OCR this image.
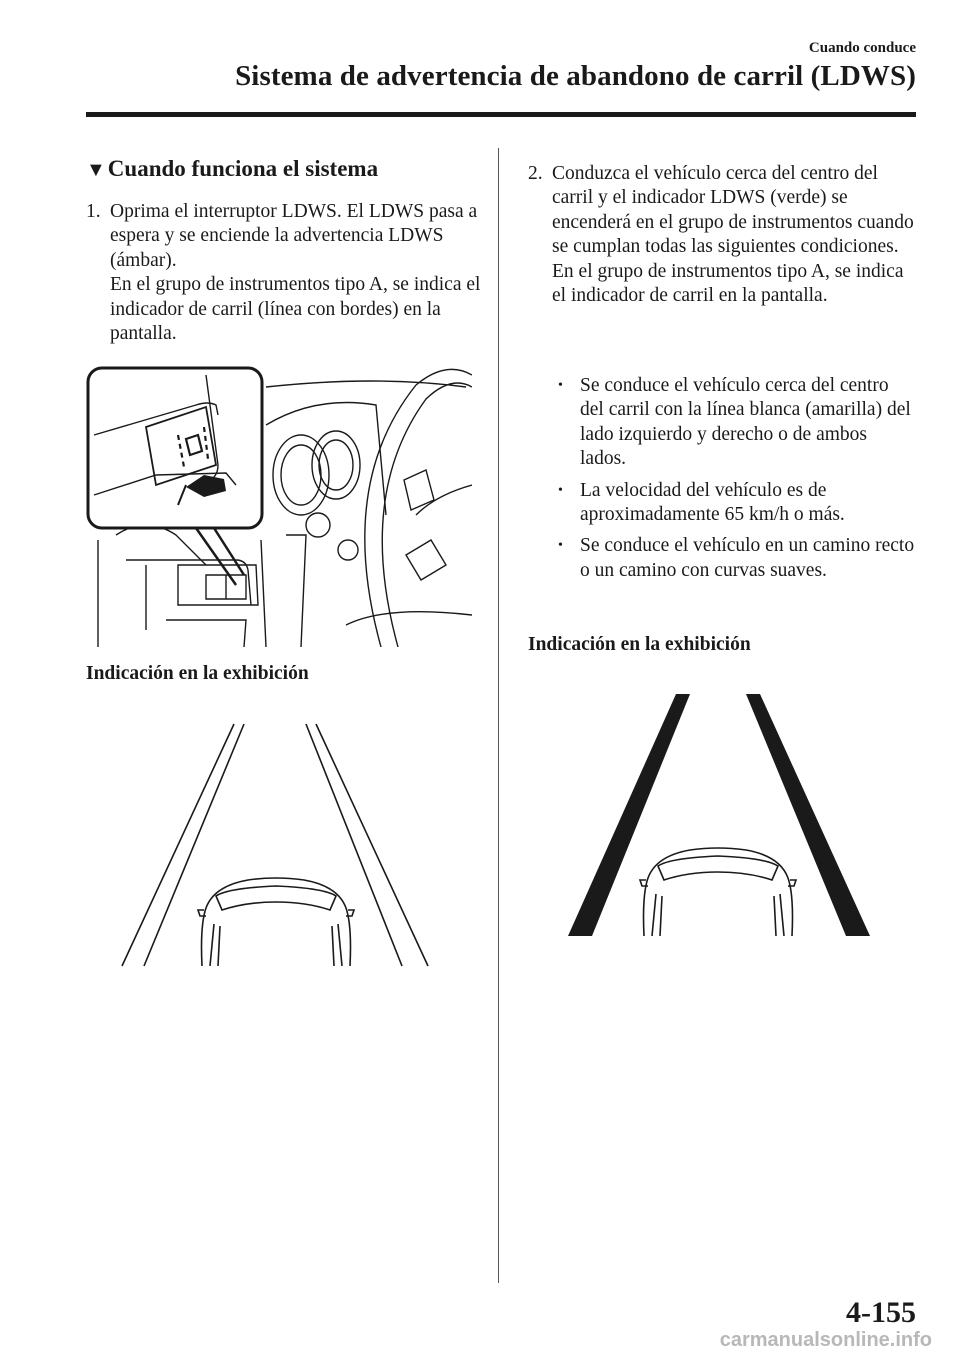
Cuando conduce
Sistema de advertencia de abandono de carril (LDWS)
▼Cuando funciona el sistema
1. Oprima el interruptor LDWS. El LDWS pasa a espera y se enciende la advertencia LDWS (ámbar).
En el grupo de instrumentos tipo A, se indica el indicador de carril (línea con bordes) en la pantalla.
Indicación en la exhibición
2. Conduzca el vehículo cerca del centro del carril y el indicador LDWS (verde) se encenderá en el grupo de instrumentos cuando se cumplan todas las siguientes condiciones.
En el grupo de instrumentos tipo A, se indica el indicador de carril en la pantalla.
• Se conduce el vehículo cerca del centro del carril con la línea blanca (amarilla) del lado izquierdo y derecho o de ambos lados.
• La velocidad del vehículo es de aproximadamente 65 km/h o más.
• Se conduce el vehículo en un camino recto o un camino con curvas suaves.
Indicación en la exhibición
4-155
carmanualsonline.info
